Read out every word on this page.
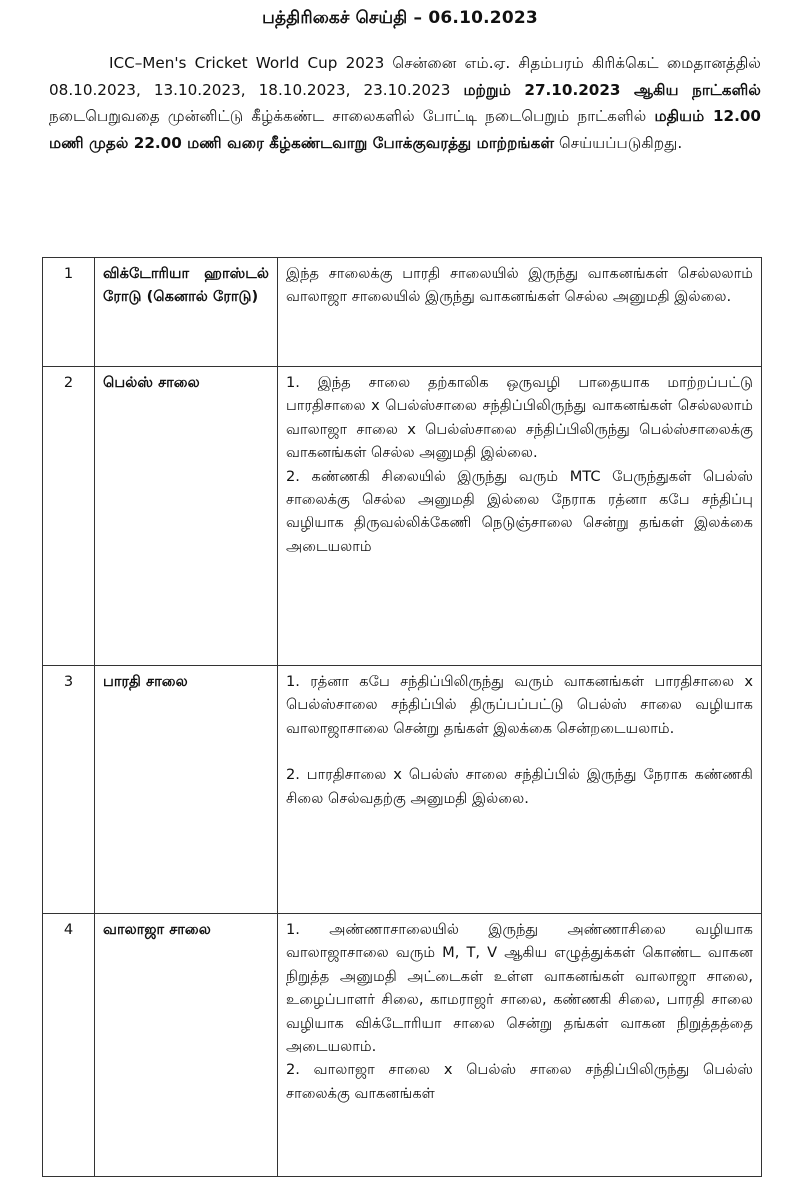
பத்திரிகைச் செய்தி – 06.10.2023
ICC–Men's Cricket World Cup 2023 சென்னை எம்.ஏ. சிதம்பரம் கிரிக்கெட் மைதானத்தில் 08.10.2023, 13.10.2023, 18.10.2023, 23.10.2023 மற்றும் 27.10.2023 ஆகிய நாட்களில் நடைபெறுவதை முன்னிட்டு கீழ்க்கண்ட சாலைகளில் போட்டி நடைபெறும் நாட்களில் மதியம் 12.00 மணி முதல் 22.00 மணி வரை கீழ்கண்டவாறு போக்குவரத்து மாற்றங்கள் செய்யப்படுகிறது.
1	விக்டோரியா ஹாஸ்டல் ரோடு (கெனால் ரோடு)	இந்த சாலைக்கு பாரதி சாலையில் இருந்து வாகனங்கள் செல்லலாம் வாலாஜா சாலையில் இருந்து வாகனங்கள் செல்ல அனுமதி இல்லை.

2	பெல்ஸ் சாலை	1. இந்த சாலை தற்காலிக ஒருவழி பாதையாக மாற்றப்பட்டு பாரதிசாலை x பெல்ஸ்சாலை சந்திப்பிலிருந்து வாகனங்கள் செல்லலாம் வாலாஜா சாலை x பெல்ஸ்சாலை சந்திப்பிலிருந்து பெல்ஸ்சாலைக்கு வாகனங்கள் செல்ல அனுமதி இல்லை.
2. கண்ணகி சிலையில் இருந்து வரும் MTC பேருந்துகள் பெல்ஸ் சாலைக்கு செல்ல அனுமதி இல்லை நேராக ரத்னா கபே சந்திப்பு வழியாக திருவல்லிக்கேணி நெடுஞ்சாலை சென்று தங்கள் இலக்கை அடையலாம்

3	பாரதி சாலை	1. ரத்னா கபே சந்திப்பிலிருந்து வரும் வாகனங்கள் பாரதிசாலை x பெல்ஸ்சாலை சந்திப்பில் திருப்பப்பட்டு பெல்ஸ் சாலை வழியாக வாலாஜாசாலை சென்று தங்கள் இலக்கை சென்றடையலாம்.
2. பாரதிசாலை x பெல்ஸ் சாலை சந்திப்பில் இருந்து நேராக கண்ணகி சிலை செல்வதற்கு அனுமதி இல்லை.

4	வாலாஜா சாலை	1. அண்ணாசாலையில் இருந்து அண்ணாசிலை வழியாக வாலாஜாசாலை வரும் M, T, V ஆகிய எழுத்துக்கள் கொண்ட வாகன நிறுத்த அனுமதி அட்டைகள் உள்ள வாகனங்கள் வாலாஜா சாலை, உழைப்பாளர் சிலை, காமராஜர் சாலை, கண்ணகி சிலை, பாரதி சாலை வழியாக விக்டோரியா சாலை சென்று தங்கள் வாகன நிறுத்தத்தை அடையலாம்.
2. வாலாஜா சாலை x பெல்ஸ் சாலை சந்திப்பிலிருந்து பெல்ஸ் சாலைக்கு வாகனங்கள்
